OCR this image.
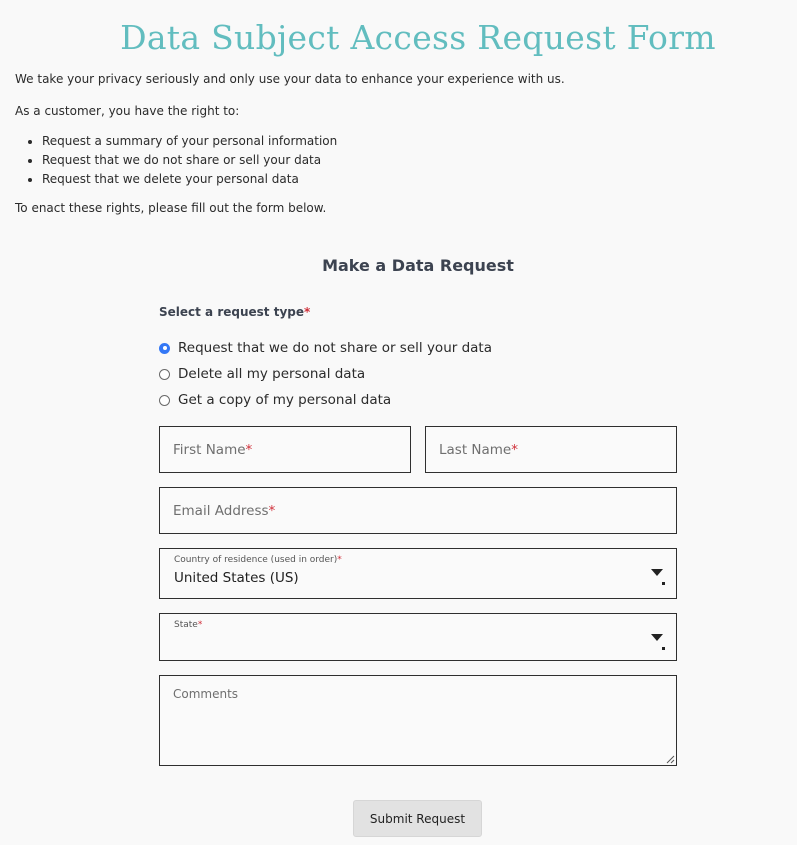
Data Subject Access Request Form

We take your privacy seriously and only use your data to enhance your experience with us.

As a customer, you have the right to:

• Request a summary of your personal information
• Request that we do not share or sell your data
• Request that we delete your personal data

To enact these rights, please fill out the form below.

Make a Data Request
Select a request type*
Request that we do not share or sell your data
Delete all my personal data
Get a copy of my personal data
First Name*	Last Name*
Email Address*
Country of residence (used in order)*
United States (US)
State*
Comments
Submit Request
